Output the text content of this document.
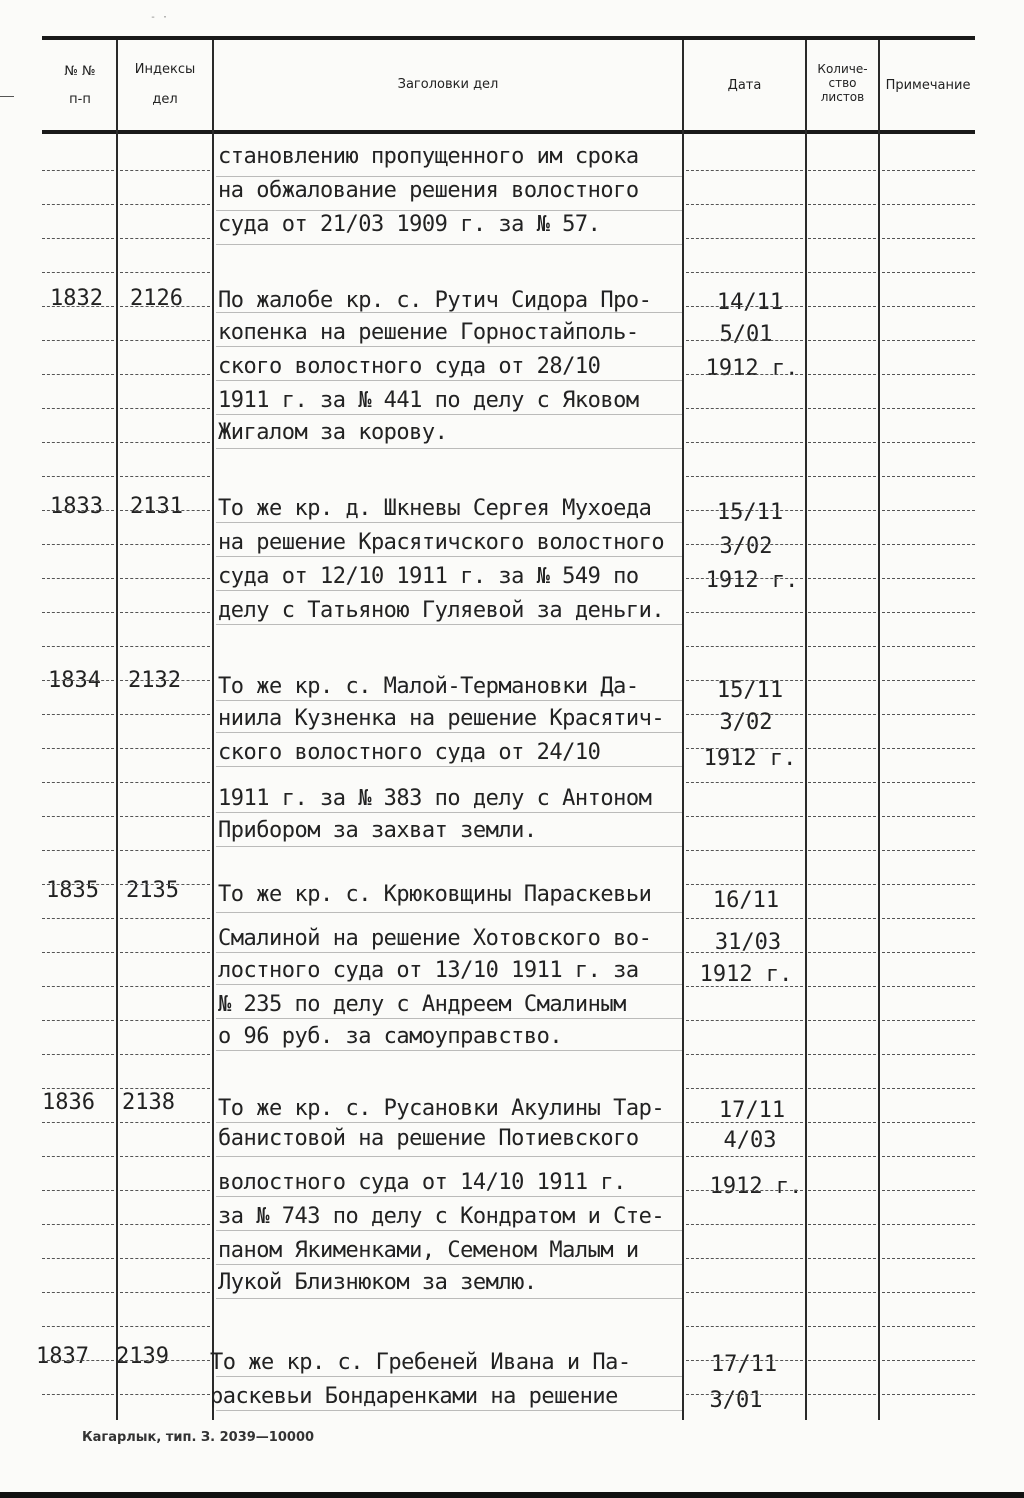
- ·
№ №
п-п
Индексы
дел
Заголовки дел	Дата
Количе-
ство
листов
Примечание
становлению пропущенного им срока
на обжалование решения волостного
суда от 21/03 1909 г. за № 57.
1832 2126 По жалобе кр. с. Рутич Сидора Про-
копенка на решение Горностайполь-
ского волостного суда от 28/10
1911 г. за № 441 по делу с Яковом
Жигалом за корову.
14/11
5/01
1912 г.
1833 2131 То же кр. д. Шкневы Сергея Мухоеда
на решение Красятичского волостного
суда от 12/10 1911 г. за № 549 по
делу с Татьяною Гуляевой за деньги.
15/11
3/02
1912 г.
1834 2132 То же кр. с. Малой-Термановки Да-
ниила Кузненка на решение Красятич-
ского волостного суда от 24/10
1911 г. за № 383 по делу с Антоном
Прибором за захват земли.
15/11
3/02
1912 г.
1835 2135 То же кр. с. Крюковщины Параскевьи
Смалиной на решение Хотовского во-
лостного суда от 13/10 1911 г. за
№ 235 по делу с Андреем Смалиным
о 96 руб. за самоуправство.
16/11
31/03
1912 г.
1836 2138 То же кр. с. Русановки Акулины Тар-
банистовой на решение Потиевского
волостного суда от 14/10 1911 г.
за № 743 по делу с Кондратом и Сте-
паном Якименками, Семеном Малым и
Лукой Близнюком за землю.
17/11
4/03
1912 г.
1837 2139 То же кр. с. Гребеней Ивана и Па-
раскевьи Бондаренками на решение
17/11
3/01
Кагарлык, тип. З. 2039—10000
